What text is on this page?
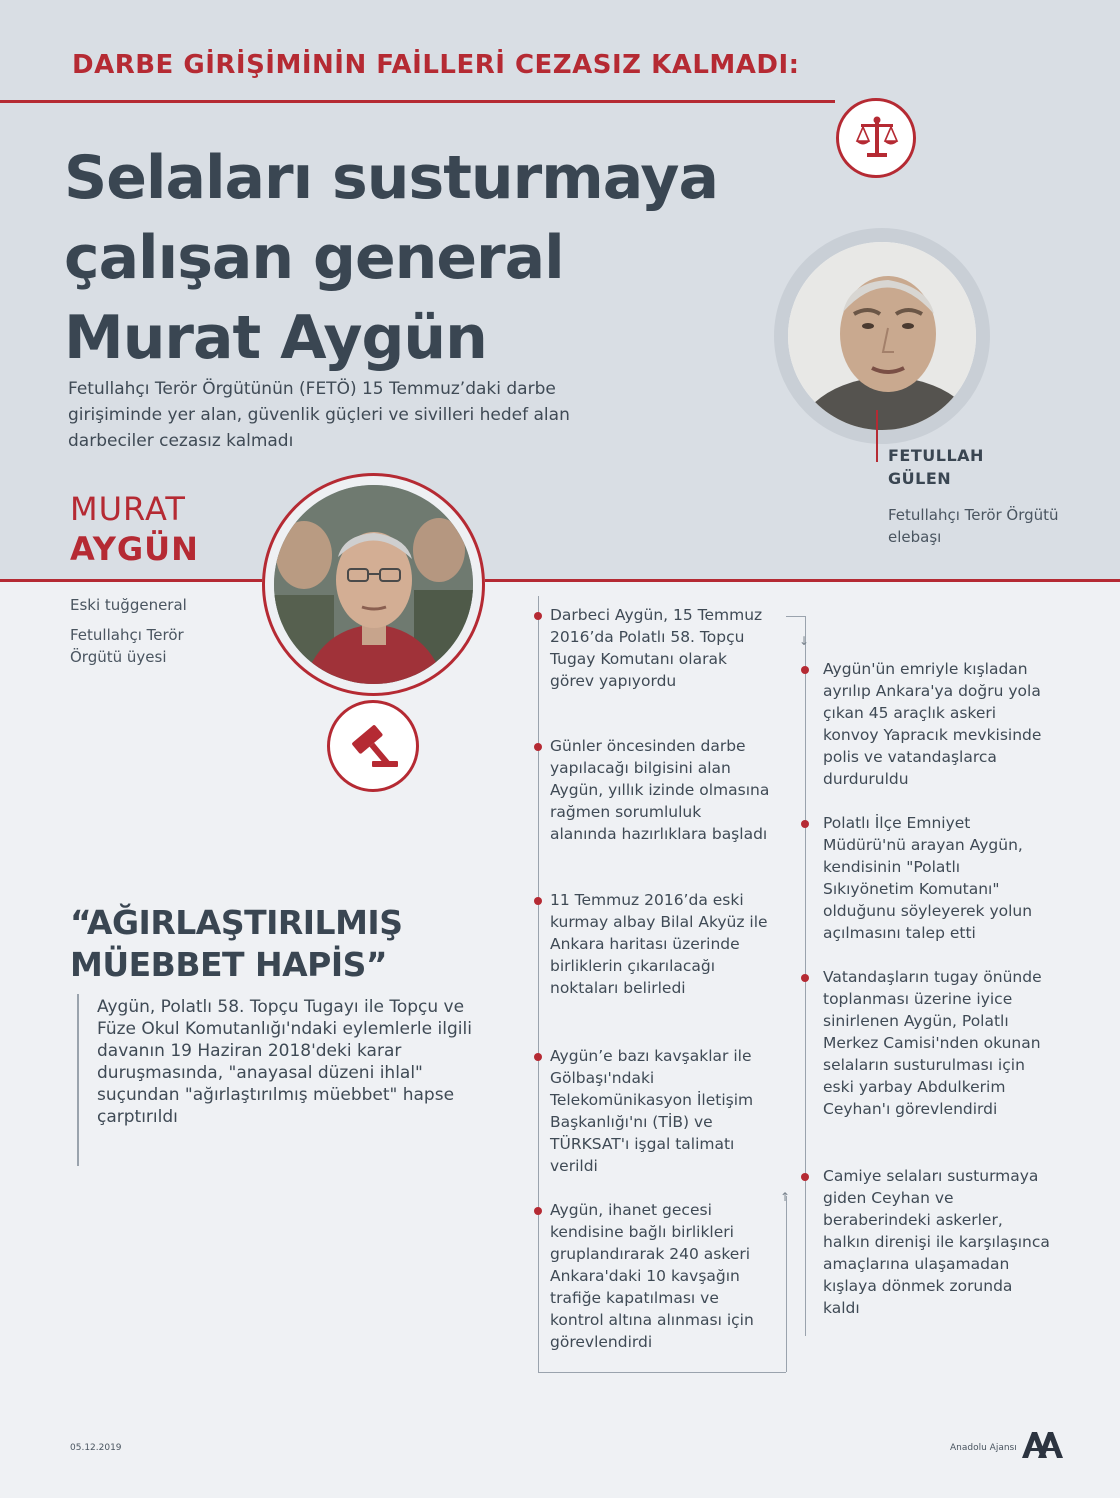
DARBE GİRİŞİMİNİN FAİLLERİ CEZASIZ KALMADI:
Selaları susturmaya
çalışan general
Murat Aygün
Fetullahçı Terör Örgütünün (FETÖ) 15 Temmuz’daki darbe girişiminde yer alan, güvenlik güçleri ve sivilleri hedef alan darbeciler cezasız kalmadı
FETULLAH
GÜLEN
Fetullahçı Terör Örgütü elebaşı
MURAT
AYGÜN
Eski tuğgeneral
Fetullahçı Terör Örgütü üyesi
“AĞIRLAŞTIRILMIŞ
MÜEBBET HAPİS”
Aygün, Polatlı 58. Topçu Tugayı ile Topçu ve Füze Okul Komutanlığı'ndaki eylemlerle ilgili davanın 19 Haziran 2018'deki karar duruşmasında, "anayasal düzeni ihlal" suçundan "ağırlaştırılmış müebbet" hapse çarptırıldı
↓
↑
Darbeci Aygün, 15 Temmuz 2016’da Polatlı 58. Topçu Tugay Komutanı olarak görev yapıyordu
Günler öncesinden darbe yapılacağı bilgisini alan Aygün, yıllık izinde olmasına rağmen sorumluluk alanında hazırlıklara başladı
11 Temmuz 2016’da eski kurmay albay Bilal Akyüz ile Ankara haritası üzerinde birliklerin çıkarılacağı noktaları belirledi
Aygün’e bazı kavşaklar ile Gölbaşı'ndaki Telekomünikasyon İletişim Başkanlığı'nı (TİB) ve TÜRKSAT'ı işgal talimatı verildi
Aygün, ihanet gecesi kendisine bağlı birlikleri gruplandırarak 240 askeri Ankara'daki 10 kavşağın trafiğe kapatılması ve kontrol altına alınması için görevlendirdi
Aygün'ün emriyle kışladan ayrılıp Ankara'ya doğru yola çıkan 45 araçlık askeri konvoy Yapracık mevkisinde polis ve vatandaşlarca durduruldu
Polatlı İlçe Emniyet Müdürü'nü arayan Aygün, kendisinin "Polatlı Sıkıyönetim Komutanı" olduğunu söyleyerek yolun açılmasını talep etti
Vatandaşların tugay önünde toplanması üzerine iyice sinirlenen Aygün, Polatlı Merkez Camisi'nden okunan selaların susturulması için eski yarbay Abdulkerim Ceyhan'ı görevlendirdi
Camiye selaları susturmaya giden Ceyhan ve beraberindeki askerler, halkın direnişi ile karşılaşınca amaçlarına ulaşamadan kışlaya dönmek zorunda kaldı
05.12.2019	Anadolu Ajansı
